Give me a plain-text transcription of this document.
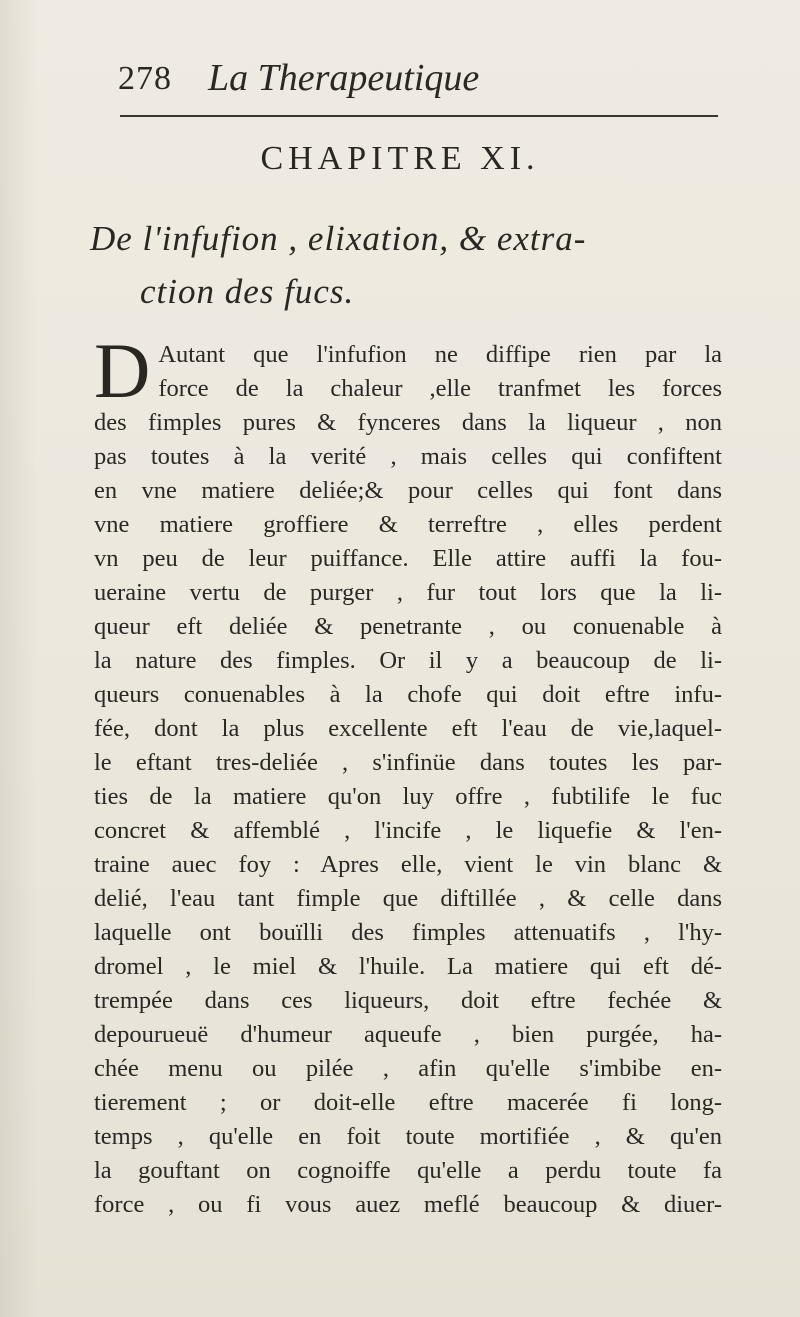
278 La Therapeutique
CHAPITRE XI.
De l'infufion , elixation, & extra-
ction des fucs.
D Autant que l'infufion ne diffipe rien par la
force de la chaleur ,elle tranfmet les forces
des fimples pures & fynceres dans la liqueur , non
pas toutes à la verité , mais celles qui confiftent
en vne matiere deliée;& pour celles qui font dans
vne matiere groffiere & terreftre , elles perdent
vn peu de leur puiffance. Elle attire auffi la fou-
ueraine vertu de purger , fur tout lors que la li-
queur eft deliée & penetrante , ou conuenable à
la nature des fimples. Or il y a beaucoup de li-
queurs conuenables à la chofe qui doit eftre infu-
fée, dont la plus excellente eft l'eau de vie,laquel-
le eftant tres-deliée , s'infinüe dans toutes les par-
ties de la matiere qu'on luy offre , fubtilife le fuc
concret & affemblé , l'incife , le liquefie & l'en-
traine auec foy : Apres elle, vient le vin blanc &
delié, l'eau tant fimple que diftillée , & celle dans
laquelle ont bouïlli des fimples attenuatifs , l'hy-
dromel , le miel & l'huile. La matiere qui eft dé-
trempée dans ces liqueurs, doit eftre fechée &
depourueuë d'humeur aqueufe , bien purgée, ha-
chée menu ou pilée , afin qu'elle s'imbibe en-
tierement ; or doit-elle eftre macerée fi long-
temps , qu'elle en foit toute mortifiée , & qu'en
la gouftant on cognoiffe qu'elle a perdu toute fa
force , ou fi vous auez meflé beaucoup & diuer-
